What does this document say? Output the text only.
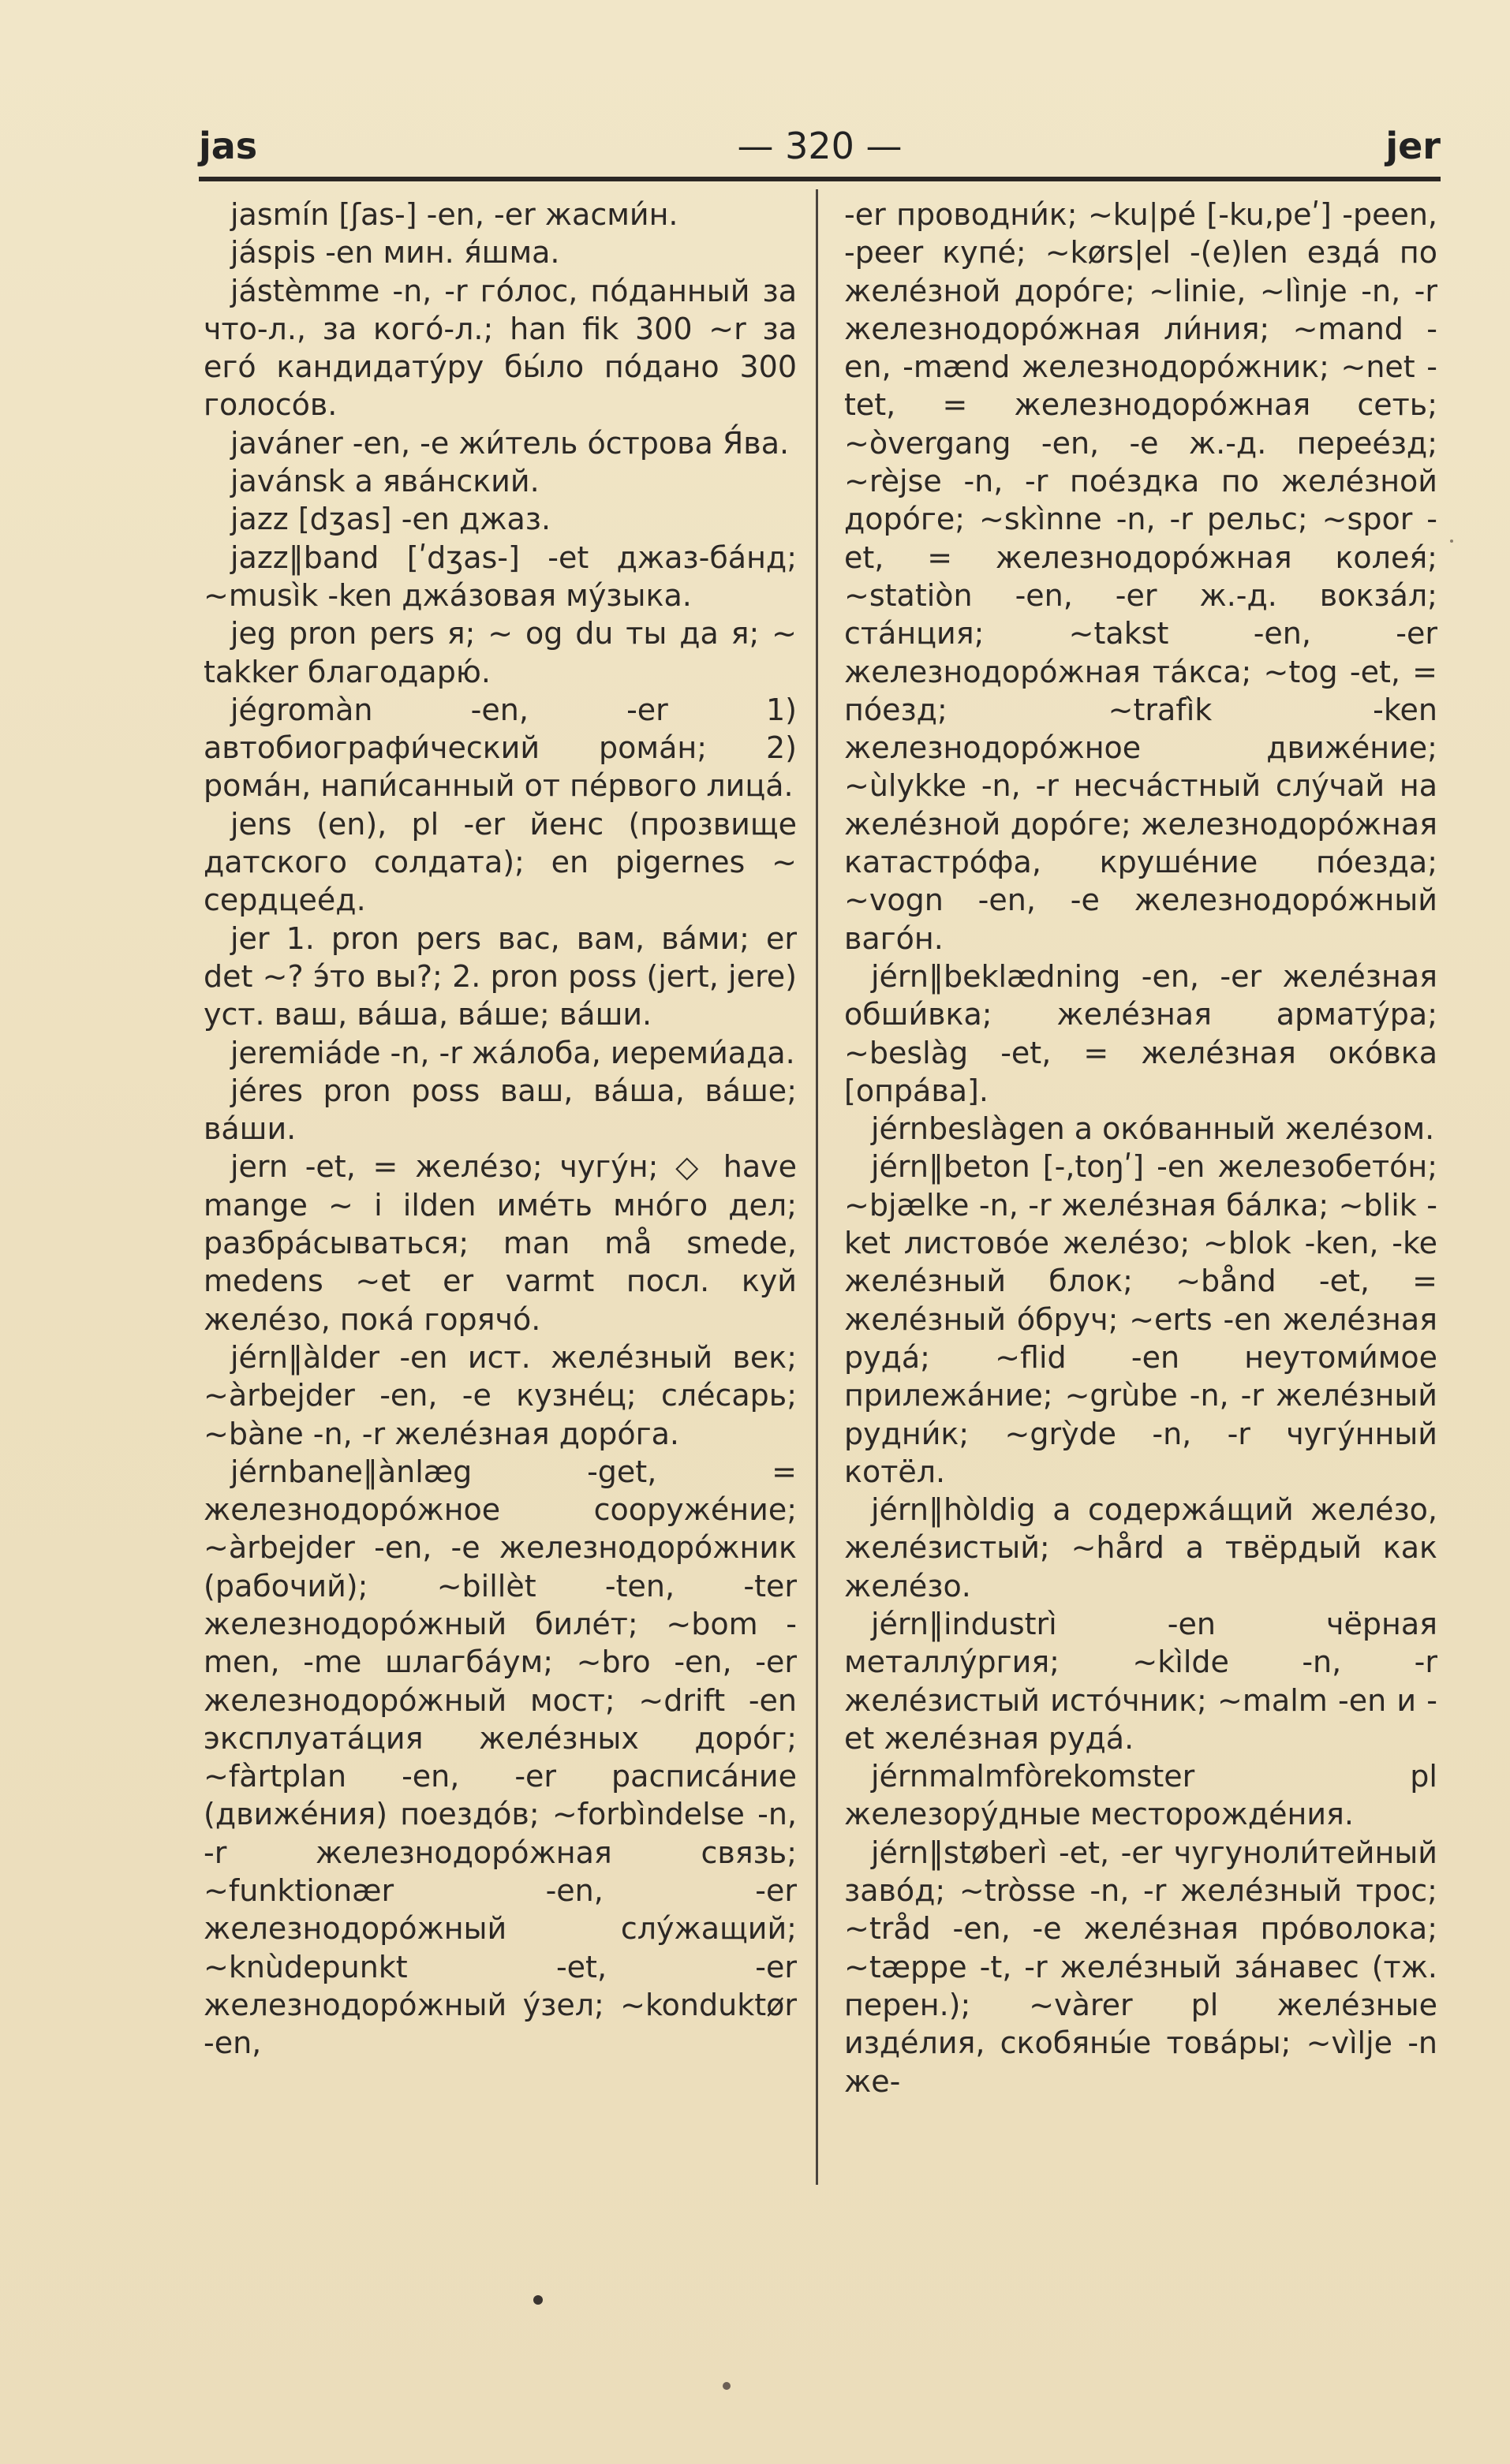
jas	— 320 —	jer

jasmín [ʃas-] -en, -er жасми́н.

jáspis -en мин. я́шма.

jástèmme -n, -r го́лос, по́данный за что-л., за кого́-л.; han fik 300 ~r за его́ кандидату́ру бы́ло по́дано 300 голосо́в.

javáner -en, -e жи́тель о́строва Я́ва.

javánsk a ява́нский.

jazz [dʒas] -en джаз.

jazz‖band [ʹdʒas-] -et джаз-ба́нд; ~musìk -ken джа́зовая му́зыка.

jeg pron pers я; ~ og du ты да я; ~ takker благодарю́.

jégromàn -en, -er 1) автобиографи́ческий рома́н; 2) рома́н, напи́санный от пе́рвого лица́.

jens (en), pl -er йенс (прозвище датского солдата); en pigernes ~ сердцее́д.

jer 1. pron pers вас, вам, ва́ми; er det ~? э́то вы?; 2. pron poss (jert, jere) уст. ваш, ва́ша, ва́ше; ва́ши.

jeremiáde -n, -r жа́лоба, иереми́ада.

jéres pron poss ваш, ва́ша, ва́ше; ва́ши.

jern -et, = желе́зо; чугу́н; ◇ have mange ~ i ilden име́ть мно́го дел; разбра́сываться; man må smede, medens ~et er varmt посл. куй желе́зо, пока́ горячо́.

jérn‖àlder -en ист. желе́зный век; ~àrbejder -en, -e кузне́ц; сле́сарь; ~bàne -n, -r желе́зная доро́га.

jérnbane‖ànlæg -get, = железнодоро́жное сооруже́ние; ~àrbejder -en, -e железнодоро́жник (рабочий); ~billèt -ten, -ter железнодоро́жный биле́т; ~bom -men, -me шлагба́ум; ~bro -en, -er железнодоро́жный мост; ~drift -en эксплуата́ция желе́зных доро́г; ~fàrtplan -en, -er расписа́ние (движе́ния) поездо́в; ~forbìndelse -n, -r железнодоро́жная связь; ~funktionær -en, -er железнодоро́жный слу́жащий; ~knùdepunkt -et, -er железнодоро́жный у́зел; ~konduktør -en,

-er проводни́к; ~ku|pé [-ku,peʹ] -peen, -peer купе́; ~kørs|el -(e)len езда́ по желе́зной доро́ге; ~linie, ~lìnje -n, -r железнодоро́жная ли́ния; ~mand -en, -mænd железнодоро́жник; ~net -tet, = железнодоро́жная сеть; ~òvergang -en, -e ж.-д. перее́зд; ~rèjse -n, -r пое́здка по желе́зной доро́ге; ~skìnne -n, -r рельс; ~spor -et, = железнодоро́жная колея́; ~statiòn -en, -er ж.-д. вокза́л; ста́нция; ~takst -en, -er железнодоро́жная та́кса; ~tog -et, = по́езд; ~trafìk -ken железнодоро́жное движе́ние; ~ùlykke -n, -r несча́стный слу́чай на желе́зной доро́ге; железнодоро́жная катастро́фа, круше́ние по́езда; ~vogn -en, -e железнодоро́жный ваго́н.

jérn‖beklædning -en, -er желе́зная обши́вка; желе́зная армату́ра; ~beslàg -et, = желе́зная око́вка [опра́ва].

jérnbeslàgen a око́ванный желе́зом.

jérn‖beton [-,toŋʹ] -en железобето́н; ~bjælke -n, -r желе́зная ба́лка; ~blik -ket листово́е желе́зо; ~blok -ken, -ke желе́зный блок; ~bånd -et, = желе́зный о́бруч; ~erts -en желе́зная руда́; ~flid -en неутоми́мое прилежа́ние; ~grùbe -n, -r желе́зный рудни́к; ~grỳde -n, -r чугу́нный котёл.

jérn‖hòldig a содержа́щий желе́зо, желе́зистый; ~hård a твёрдый как желе́зо.

jérn‖industrì -en чёрная металлу́ргия; ~kìlde -n, -r желе́зистый исто́чник; ~malm -en и -et желе́зная руда́.

jérnmalmfòrekomster pl железору́дные месторожде́ния.

jérn‖støberì -et, -er чугуноли́тейный заво́д; ~tròsse -n, -r желе́зный трос; ~tråd -en, -e желе́зная про́волока; ~tæppe -t, -r желе́зный за́навес (тж. перен.); ~vàrer pl желе́зные изде́лия, скобяны́е това́ры; ~vìlje -n же-
